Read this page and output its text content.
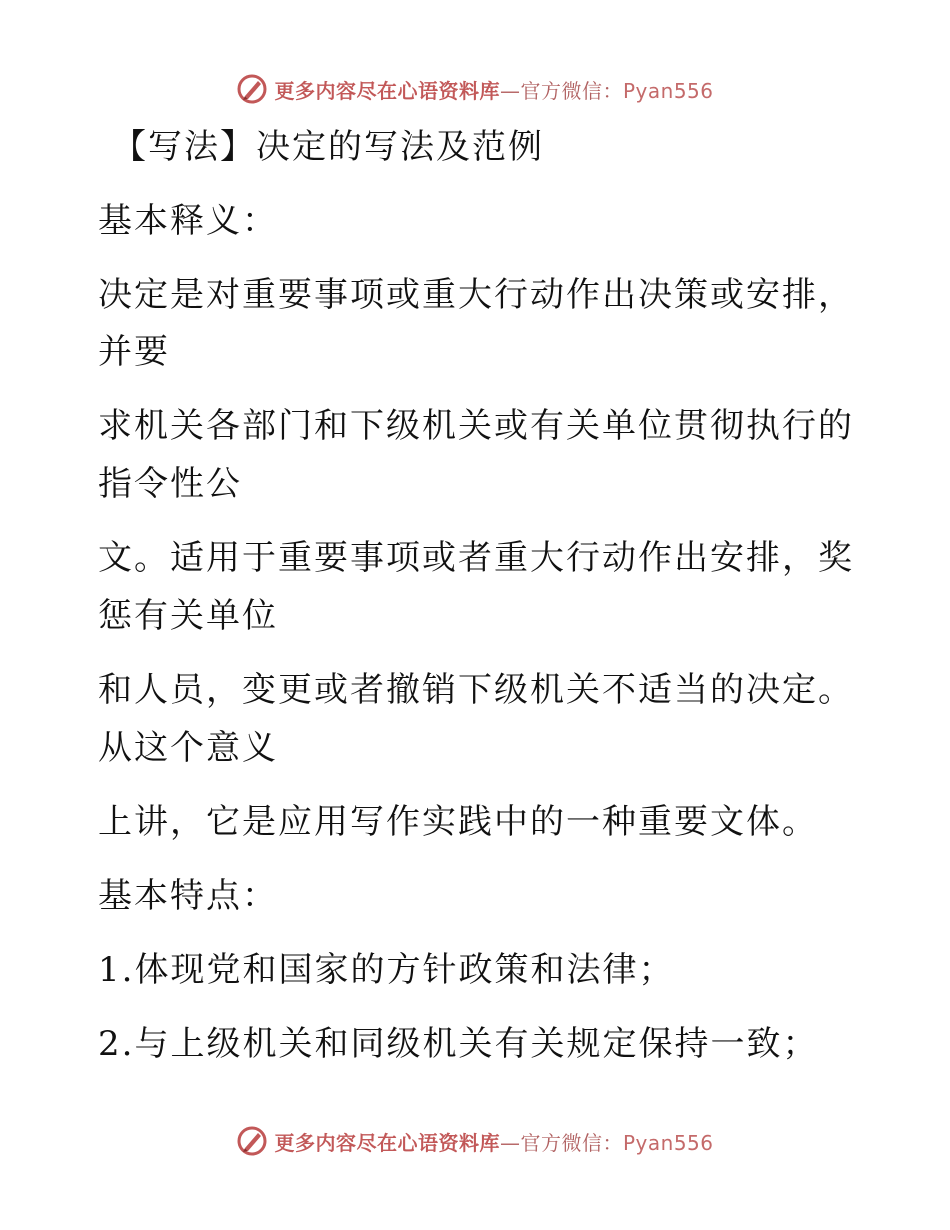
更多内容尽在心语资料库—官方微信：Pyan556
【写法】决定的写法及范例
基本释义：
决定是对重要事项或重大行动作出决策或安排，
并要
求机关各部门和下级机关或有关单位贯彻执行的
指令性公
文。适用于重要事项或者重大行动作出安排，奖
惩有关单位
和人员，变更或者撤销下级机关不适当的决定。
从这个意义
上讲，它是应用写作实践中的一种重要文体。
基本特点：
1.体现党和国家的方针政策和法律；
2.与上级机关和同级机关有关规定保持一致；
更多内容尽在心语资料库—官方微信：Pyan556
